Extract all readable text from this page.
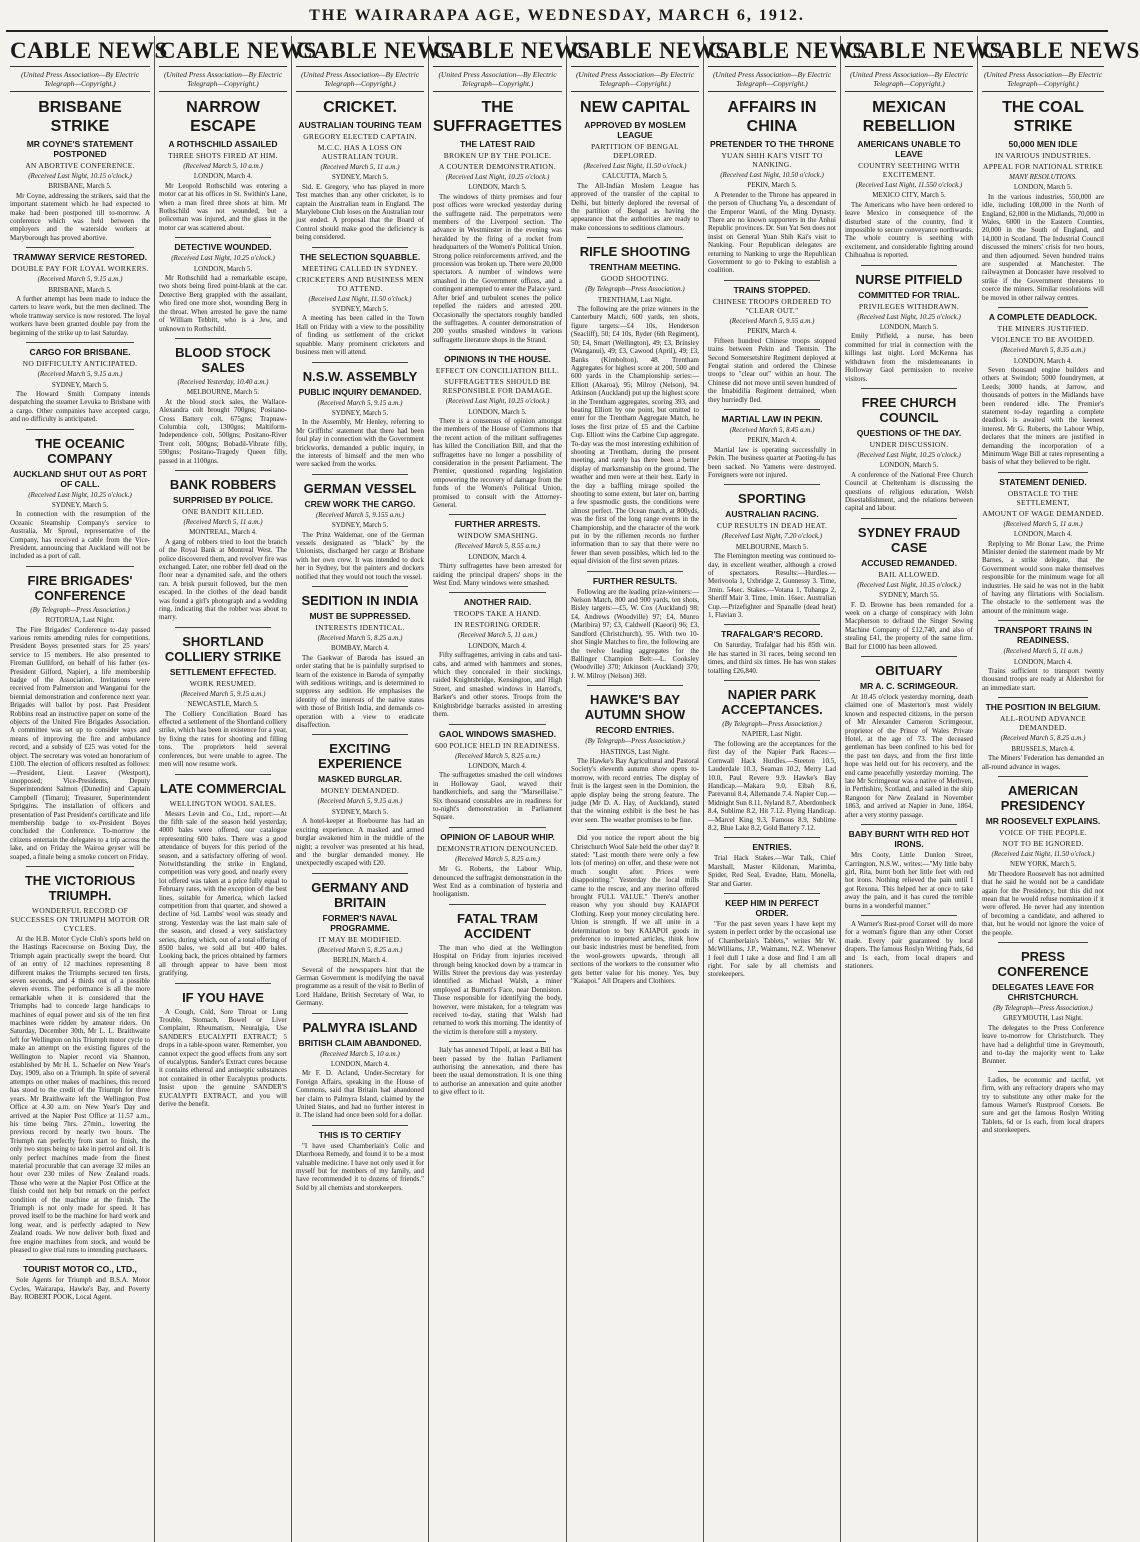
THE WAIRARAPA AGE, WEDNESDAY, MARCH 6, 1912.
CABLE NEWS
(United Press Association—By Electric Telegraph—Copyright.)
BRISBANE STRIKE
MR COYNE'S STATEMENT POSTPONED
AN ABORTIVE CONFERENCE.
(Received Last Night, 10.15 o'clock.)
BRISBANE, March 5.

Mr Coyne, addressing the strikers, said that the important statement which he had expected to make had been postponed till to-morrow. A conference which was held between the employers and the waterside workers at Maryborough has proved abortive.

TRAMWAY SERVICE RESTORED.
DOUBLE PAY FOR LOYAL WORKERS.
(Received March 5, 9.15 a.m.)
BRISBANE, March 5.

A further attempt has been made to induce the carters to leave work, but the men declined. The whole tramway service is now restored. The loyal workers have been granted double pay from the beginning of the strike up to last Saturday.

CARGO FOR BRISBANE.
NO DIFFICULTY ANTICIPATED.
(Received March 5, 9.15 a.m.)
SYDNEY, March 5.

The Howard Smith Company intends despatching the steamer Levuka to Brisbane with a cargo. Other companies have accepted cargo, and no difficulty is anticipated.

THE OCEANIC COMPANY
AUCKLAND SHUT OUT AS PORT OF CALL.
(Received Last Night, 10.25 o'clock.)
SYDNEY, March 5.

In connection with the resumption of the Oceanic Steamship Company's service to Australia, Mr Sproul, representative of the Company, has received a cable from the Vice-President, announcing that Auckland will not be included as a port of call.

FIRE BRIGADES' CONFERENCE
(By Telegraph—Press Association.)
ROTORUA, Last Night.

The Fire Brigades' Conference to-day passed various remits amending rules for competitions. President Boyes presented stars for 25 years' service to 15 members. He also presented to Fireman Gulliford, on behalf of his father (ex-President Gilford, Napier), a life membership badge of the Association. Invitations were received from Palmerston and Wanganui for the biennial demonstration and conference next year. Brigades will ballot by post. Past President Robbins read an instructive paper on some of the objects of the United Fire Brigades Association. A committee was set up to consider ways and means of improving the fire and ambulance record, and a subsidy of £25 was voted for the object. The secretary was voted an honorarium of £100. The election of officers resulted as follows:—President, Lieut. Leaver (Westport), unopposed; Vice-Presidents, Deputy Superintendent Salmon (Dunedin) and Captain Campbell (Timaru); Treasurer, Superintendent Spriggins. The installation of officers and presentation of Past President's certificate and life membership badge to ex-President Boyes concluded the Conference. To-morrow the citizens entertain the delegates to a trip across the lake, and on Friday the Wairoa geyser will be soaped, a finale being a smoke concert on Friday.

THE VICTORIOUS TRIUMPH.
WONDERFUL RECORD OF SUCCESSES ON TRIUMPH MOTOR OR CYCLES.

At the H.B. Motor Cycle Club's sports held on the Hastings Racecourse on Boxing Day, the Triumph again practically swept the board. Out of an entry of 12 machines representing 8 different makes the Triumphs secured ten firsts, seven seconds, and 4 thirds out of a possible eleven events. The performance is all the more remarkable when it is considered that the Triumphs had to concede large handicaps to machines of equal power and six of the ten first machines were ridden by amateur riders. On Saturday, December 30th, Mr L. L. Braithwaite left for Wellington on his Triumph motor cycle to make an attempt on the existing figures of the Wellington to Napier record via Shannon, established by Mr H. L. Schaefer on New Year's Day, 1909, also on a Triumph. In spite of several attempts on other makes of machines, this record has stood to the credit of the Triumph for three years. Mr Braithwaite left the Wellington Post Office at 4.30 a.m. on New Year's Day and arrived at the Napier Post Office at 11.57 a.m., his time being 7hrs. 27min., lowering the previous record by nearly two hours. The Triumph ran perfectly from start to finish, the only two stops being to take in petrol and oil. It is only perfect machines made from the finest material procurable that can average 32 miles an hour over 230 miles of New Zealand roads. Those who were at the Napier Post Office at the finish could not help but remark on the perfect condition of the machine at the finish. The Triumph is not only made for speed. It has proved itself to be the machine for hard work and long wear, and is perfectly adapted to New Zealand roads. We now deliver both fixed and free engine machines from stock, and would be pleased to give trial runs to intending purchasers.

TOURIST MOTOR CO., LTD.,

Sole Agents for Triumph and B.S.A. Motor Cycles, Wairarapa, Hawke's Bay, and Poverty Bay. ROBERT POOK, Local Agent.

CABLE NEWS
(United Press Association—By Electric Telegraph—Copyright.)
NARROW ESCAPE
A ROTHSCHILD ASSAILED
THREE SHOTS FIRED AT HIM.
(Received March 5, 10 a.m.)
LONDON, March 4.

Mr Leopold Rothschild was entering a motor car at his offices in St. Swithin's Lane, when a man fired three shots at him. Mr Rothschild was not wounded, but a policeman was injured, and the glass in the motor car was scattered about.

DETECTIVE WOUNDED.
(Received Last Night, 10.25 o'clock.)
LONDON, March 5.

Mr Rothschild had a remarkable escape, two shots being fired point-blank at the car. Detective Berg grappled with the assailant, who fired one more shot, wounding Berg in the throat. When arrested he gave the name of William Tebbitt, who is a Jew, and unknown to Rothschild.

BLOOD STOCK SALES
(Received Yesterday, 10.40 a.m.)
MELBOURNE, March 5.

At the blood stock sales, the Wallace-Alexandra colt brought 700gns; Positano-Cross Battery colt, 675gns; Trapnaw-Columbia colt, 1300gns; Maltiform-Independence colt, 500gns; Positano-River Trent colt, 500gns; Bobadil-Vibrate filly, 590gns; Positano-Tragedy Queen filly, passed in at 1100gns.

BANK ROBBERS
SURPRISED BY POLICE.
ONE BANDIT KILLED.
(Received March 5, 11 a.m.)
MONTREAL, March 4.

A gang of robbers tried to loot the branch of the Royal Bank at Montreal West. The police discovered them, and revolver fire was exchanged. Later, one robber fell dead on the floor near a dynamited safe, and the others ran. A brisk pursuit followed, but the men escaped. In the clothes of the dead bandit was found a girl's photograph and a wedding ring, indicating that the robber was about to marry.

SHORTLAND COLLIERY STRIKE
SETTLEMENT EFFECTED.
WORK RESUMED.
(Received March 5, 9.15 a.m.)
NEWCASTLE, March 5.

The Colliery Conciliation Board has effected a settlement of the Shortland colliery strike, which has been in existence for a year, by fixing the rates for shooting and filling tons. The proprietors held several conferences, but were unable to agree. The men will now resume work.

LATE COMMERCIAL
WELLINGTON WOOL SALES.

Messrs Levin and Co., Ltd., report:—At the fifth sale of the season held yesterday, 4000 bales were offered, our catalogue representing 600 bales. There was a good attendance of buyers for this period of the season, and a satisfactory offering of wool. Notwithstanding the strike in England, competition was very good, and nearly every lot offered was taken at a price fully equal to February rates, with the exception of the best lines, suitable for America, which lacked competition from that quarter, and showed a decline of ½d. Lambs' wool was steady and strong. Yesterday was the last main sale of the season, and closed a very satisfactory series, during which, out of a total offering of 8500 bales, we sold all but 400 bales. Looking back, the prices obtained by farmers all through appear to have been most gratifying.

IF YOU HAVE

A Cough, Cold, Sore Throat or Lung Trouble, Stomach, Bowel or Liver Complaint, Rheumatism, Neuralgia, Use SANDER'S EUCALYPTI EXTRACT; 5 drops in a table-spoon water. Remember, you cannot expect the good effects from any sort of eucalyptus. Sander's Extract cures because it contains ethereal and antiseptic substances not contained in other Eucalyptus products. Insist upon the genuine SANDER'S EUCALYPTI EXTRACT, and you will derive the benefit.

CABLE NEWS
(United Press Association—By Electric Telegraph—Copyright.)
CRICKET.
AUSTRALIAN TOURING TEAM
GREGORY ELECTED CAPTAIN.
M.C.C. HAS A LOSS ON AUSTRALIAN TOUR.
(Received March 5, 11 a.m.)
SYDNEY, March 5.

Sid. E. Gregory, who has played in more Test matches than any other cricketer, is to captain the Australian team in England. The Marylebone Club loses on the Australian tour just ended. A proposal that the Board of Control should make good the deficiency is being considered.

THE SELECTION SQUABBLE.
MEETING CALLED IN SYDNEY.
CRICKETERS AND BUSINESS MEN TO ATTEND.
(Received Last Night, 11.50 o'clock.)
SYDNEY, March 5.

A meeting has been called in the Town Hall on Friday with a view to the possibility of finding us settlement of the cricket squabble. Many prominent cricketers and business men will attend.

N.S.W. ASSEMBLY
PUBLIC INQUIRY DEMANDED.
(Received March 5, 9.15 a.m.)
SYDNEY, March 5.

In the Assembly, Mr Henley, referring to Mr Griffiths' statement that there had been foul play in connection with the Government brickworks, demanded a public inquiry, in the interests of himself and the men who were sacked from the works.

GERMAN VESSEL
CREW WORK THE CARGO.
(Received March 5, 9.155 a.m.)
SYDNEY, March 5.

The Prinz Waldemar, one of the German vessels designated as "black" by the Unionists, discharged her cargo at Brisbane with her own crew. It was intended to dock her in Sydney, but the painters and dockers notified that they would not touch the vessel.

SEDITION IN INDIA
MUST BE SUPPRESSED.
INTERESTS IDENTICAL.
(Received March 5, 8.25 a.m.)
BOMBAY, March 4.

The Gaekwar of Baroda has issued an order stating that he is painfully surprised to learn of the existence in Baroda of sympathy with seditious writings, and is determined to suppress any sedition. He emphasises the identity of the interests of the native states with those of British India, and demands co-operation with a view to eradicate disaffection.

EXCITING EXPERIENCE
MASKED BURGLAR.
MONEY DEMANDED.
(Received March 5, 9.15 a.m.)
SYDNEY, March 5.

A hotel-keeper at Roebourne has had an exciting experience. A masked and armed burglar awakened him in the middle of the night; a revolver was presented at his head, and the burglar demanded money. He unexpectedly escaped with £20.

GERMANY AND BRITAIN
FORMER'S NAVAL PROGRAMME.
IT MAY BE MODIFIED.
(Received March 5, 8.25 a.m.)
BERLIN, March 4.

Several of the newspapers hint that the German Government is modifying the naval programme as a result of the visit to Berlin of Lord Haldane, British Secretary of War, to Germany.

PALMYRA ISLAND
BRITISH CLAIM ABANDONED.
(Received March 5, 10 a.m.)
LONDON, March 4.

Mr F. D. Acland, Under-Secretary for Foreign Affairs, speaking in the House of Commons, said that Britain had abandoned her claim to Palmyra Island, claimed by the United States, and had no further interest in it. The island had once been sold for a dollar.

THIS IS TO CERTIFY

"I have used Chamberlain's Colic and Diarrhoea Remedy, and found it to be a most valuable medicine. I have not only used it for myself but for members of my family, and have recommended it to dozens of friends." Sold by all chemists and storekeepers.

CABLE NEWS
(United Press Association—By Electric Telegraph—Copyright.)
THE SUFFRAGETTES
THE LATEST RAID
BROKEN UP BY THE POLICE.
A COUNTER DEMONSTRATION.
(Received Last Night, 10.25 o'clock.)
LONDON, March 5.

The windows of thirty premises and four post offices were wrecked yesterday during the suffragette raid. The perpetrators were members of the Liverpool section. The advance in Westminster in the evening was heralded by the firing of a rocket from headquarters of the Women's Political Union. Strong police reinforcements arrived, and the procession was broken up. There were 20,000 spectators. A number of windows were smashed in the Government offices, and a contingent attempted to enter the Palace yard. After brief and turbulent scenes the police repelled the raiders and arrested 200. Occasionally the spectators roughly handled the suffragettes. A counter demonstration of 200 youths smashed windows in various suffragette literature shops in the Strand.

OPINIONS IN THE HOUSE.
EFFECT ON CONCILIATION BILL.
SUFFRAGETTES SHOULD BE RESPONSIBLE FOR DAMAGE.
(Received Last Night, 10.25 o'clock.)
LONDON, March 5.

There is a consensus of opinion amongst the members of the House of Commons that the recent action of the militant suffragettes has killed the Conciliation Bill, and that the suffragettes have no longer a possibility of consideration in the present Parliament. The Premier, questioned regarding legislation empowering the recovery of damage from the funds of the Women's Political Union, promised to consult with the Attorney-General.

FURTHER ARRESTS.
WINDOW SMASHING.
(Received March 5, 8.55 a.m.)
LONDON, March 4.

Thirty suffragettes have been arrested for raiding the principal drapers' shops in the West End. Many windows were smashed.

ANOTHER RAID.
TROOPS TAKE A HAND.
IN RESTORING ORDER.
(Received March 5, 11 a.m.)
LONDON, March 4.

Fifty suffragettes, arriving in cabs and taxi-cabs, and armed with hammers and stones, which they concealed in their stockings, raided Knightsbridge, Kensington, and High Street, and smashed windows in Harrod's, Barker's and other stores. Troops from the Knightsbridge barracks assisted in arresting them.

GAOL WINDOWS SMASHED.
600 POLICE HELD IN READINESS.
(Received March 5, 8.25 a.m.)
LONDON, March 4.

The suffragettes smashed the cell windows in Holloway Gaol, waved their handkerchiefs, and sang the "Marseillaise." Six thousand constables are in readiness for to-night's demonstration in Parliament Square.

OPINION OF LABOUR WHIP.
DEMONSTRATION DENOUNCED.
(Received March 5, 8.25 a.m.)

Mr G. Roberts, the Labour Whip, denounced the suffragist demonstration in the West End as a combination of hysteria and hooliganism.

FATAL TRAM ACCIDENT

The man who died at the Wellington Hospital on Friday from injuries received through being knocked down by a tramcar in Willis Street the previous day was yesterday identified as Michael Walsh, a miner employed at Burnett's Face, near Denniston. Those responsible for identifying the body, however, were mistaken, for a telegram was received to-day, stating that Walsh had returned to work this morning. The identity of the victim is therefore still a mystery.

Italy has annexed Tripoli, at least a Bill has been passed by the Italian Parliament authorising the annexation, and there has been the usual demonstration. It is one thing to authorise an annexation and quite another to give effect to it.

CABLE NEWS
(United Press Association—By Electric Telegraph—Copyright.)
NEW CAPITAL
APPROVED BY MOSLEM LEAGUE
PARTITION OF BENGAL DEPLORED.
(Received Last Night, 11.50 o'clock.)
CALCUTTA, March 5.

The All-Indian Moslem League has approved of the transfer of the capital to Delhi, but bitterly deplored the reversal of the partition of Bengal as having the appearance that the authorities are ready to make concessions to seditious clamours.

RIFLE SHOOTING
TRENTHAM MEETING.
GOOD SHOOTING.
(By Telegraph—Press Association.)
TRENTHAM, Last Night.

The following are the prize winners in the Canterbury Match, 600 yards, ten shots, figure targets:—£4 10s, Henderson (Seacliff), 50; £4 10s, Ryder (6th Regiment), 50; £4, Smart (Wellington), 49; £3, Brinsley (Wanganui), 49; £3, Cawood (April), 49; £3, Banks (Kimbolton), 48. Trentham Aggregates for highest score at 200, 500 and 600 yards in the Championship series:—Elliott (Akaroa), 95; Milroy (Nelson), 94. Atkinson (Auckland) put up the highest score in the Trentham aggregates, scoring 393, and beating Elliott by one point, but omitted to enter for the Trentham Aggregate Match, he loses the first prize of £5 and the Carbine Cup. Elliott wins the Carbine Cup aggregate. To-day was the most interesting exhibition of shooting at Trentham, during the present meeting, and rarely has there been a better display of marksmanship on the ground. The weather and men were at their best. Early in the day a baffling mirage spoiled the shooting to some extent, but later on, barring a few spasmodic gusts, the conditions were almost perfect. The Ocean match, at 800yds, was the first of the long range events in the Championship, and the character of the work put in by the riflemen records no further information than to say that there were no fewer than seven possibles, which led to the equal division of the first seven prizes.

FURTHER RESULTS.

Following are the leading prize-winners:—Nelson Match, 800 and 900 yards, ten shots, Bisley targets:—£5, W. Cox (Auckland) 98; £4, Andrews (Woodville) 97; £4, Munro (Maribira) 97; £3, Caldwell (Kaeori) 96; £3, Sandford (Christchurch), 95. With two 10-shot Single Matches to fire, the following are the twelve leading aggregates for the Ballinger Champion Belt:—L. Cooksley (Woodville) 370; Atkinson (Auckland) 370; J. W. Milroy (Nelson) 369.

HAWKE'S BAY AUTUMN SHOW
RECORD ENTRIES.
(By Telegraph—Press Association.)
HASTINGS, Last Night.

The Hawke's Bay Agricultural and Pastoral Society's eleventh autumn show opens to-morrow, with record entries. The display of fruit is the largest seen in the Dominion, the apple display being the strong feature. The judge (Mr D. A. Hay, of Auckland), stated that the winning exhibit is the best he has ever seen. The weather promises to be fine.

Did you notice the report about the big Christchurch Wool Sale held the other day? It stated: "Last month there were only a few lots (of merino) on offer, and these were not much sought after. Prices were disappointing." Yesterday the local mills came to the rescue, and any merino offered brought FULL VALUE." There's another reason why you should buy KAIAPOI Clothing. Keep your money circulating here. Union is strength. If we all unite in a determination to buy KAIAPOI goods in preference to imported articles, think how our basic industries must be benefited, from the wool-growers upwards, through all sections of the workers to the consumer who gets better value for his money. Yes, buy "Kaiapoi." All Drapers and Clothiers.

CABLE NEWS
(United Press Association—By Electric Telegraph—Copyright.)
AFFAIRS IN CHINA
PRETENDER TO THE THRONE
YUAN SHIH KAI'S VISIT TO NANKING.
(Received Last Night, 10.50 o'clock.)
PEKIN, March 5.

A Pretender to the Throne has appeared in the person of Chuchang Yu, a descendant of the Emperor Wanti, of the Ming Dynasty. There are no known supporters in the Anhui Republic provinces. Dr. Sun Yat Sen does not insist on General Yuan Shih Kai's visit to Nanking. Four Republican delegates are returning to Nanking to urge the Republican Government to go to Peking to establish a coalition.

TRAINS STOPPED.
CHINESE TROOPS ORDERED TO "CLEAR OUT."
(Received March 5, 9.55 a.m.)
PEKIN, March 4.

Fifteen hundred Chinese troops stopped trains between Pekin and Tientsin. The Second Somersetshire Regiment deployed at Fengtai station and ordered the Chinese troops to "clear out" within an hour. The Chinese did not move until seven hundred of the Imabidilia Regiment detrained, when they hurriedly fled.

MARTIAL LAW IN PEKIN.
(Received March 5, 8.45 a.m.)
PEKIN, March 4.

Martial law is operating successfully in Pekin. The business quarter at Paoting-fu has been sacked. No Yamens were destroyed. Foreigners were not injured.

SPORTING
AUSTRALIAN RACING.
CUP RESULTS IN DEAD HEAT.
(Received Last Night, 7.20 o'clock.)
MELBOURNE, March 5.

The Flemington meeting was continued to-day, in excellent weather, although a crowd of spectators. Results:—Hurdles.—Merivoola 1, Uxbridge 2, Gunnessy 3. Time, 3min. 54sec. Stakes.—Votana 1, Tuhanga 2, Sheriff Mair 3. Time, 1min. 16sec. Australian Cup.—Prizefighter and Spanalle (dead heat) 1, Flavian 3.

TRAFALGAR'S RECORD.

On Saturday, Trafalgar had his 85th win. He has started in 31 races, being second ten times, and third six times. He has won stakes totalling £26,840.

NAPIER PARK ACCEPTANCES.
(By Telegraph—Press Association.)
NAPIER, Last Night.

The following are the acceptances for the first day of the Napier Park Races:—Cornwall Hack Hurdles.—Steeton 10.5, Lauderdale 10.3, Seaman 10.2, Merry Lad 10.0, Paul Revere 9.9. Hawke's Bay Handicap.—Makara 9.0, Eibah 8.6, Parevanui 8.4, Allemande 7.4. Napier Cup.—Midnight Sun 8.11, Nyland 8.7, Aberdonbeck 8.4, Sublime 8.2, Hit 7.12. Flying Handicap.—Marcel King 9.3, Famous 8.9, Sublime 8.2, Blue Lake 8.2, Gold Battery 7.12.

ENTRIES.

Trial Hack Stakes.—War Talk, Chief Marshall, Master Kildonan, Marimba, Spider, Red Seal, Evadne, Hatu, Monella, Star and Garter.

KEEP HIM IN PERFECT ORDER.

"For the past seven years I have kept my system in perfect order by the occasional use of Chamberlain's Tablets," writes Mr W. McWilliams, J.P., Waimanu, N.Z. Whenever I feel dull I take a dose and find I am all right. For sale by all chemists and storekeepers.

CABLE NEWS
(United Press Association—By Electric Telegraph—Copyright.)
MEXICAN REBELLION
AMERICANS UNABLE TO LEAVE
COUNTRY SEETHING WITH EXCITEMENT.
(Received Last Night, 11.550 o'clock.)
MEXICO CITY, March 5.

The Americans who have been ordered to leave Mexico in consequence of the disturbed state of the country, find it impossible to secure conveyance northwards. The whole country is seething with excitement, and considerable fighting around Chihuahua is reported.

NURSE PITFIELD
COMMITTED FOR TRIAL.
PRIVILEGES WITHDRAWN.
(Received Last Night, 10.25 o'clock.)
LONDON, March 5.

Emily Pitfield, a nurse, has been committed for trial in connection with the killings last night. Lord McKenna has withdrawn from the misdemeanants in Holloway Gaol permission to receive visitors.

FREE CHURCH COUNCIL
QUESTIONS OF THE DAY.
UNDER DISCUSSION.
(Received Last Night, 10.25 o'clock.)
LONDON, March 5.

A conference of the National Free Church Council at Cheltenham is discussing the questions of religious education, Welsh Disestablishment, and the relations between capital and labour.

SYDNEY FRAUD CASE
ACCUSED REMANDED.
BAIL ALLOWED.
(Received Last Night, 10.35 o'clock.)
SYDNEY, March 55.

F. D. Browne has been remanded for a week on a charge of conspiracy with John Macpherson to defraud the Singer Sewing Machine Company of £12,740, and also of stealing £41, the property of the same firm. Bail for £1000 has been allowed.

OBITUARY
MR A. C. SCRIMGEOUR.

At 10.45 o'clock yesterday morning, death claimed one of Masterton's most widely known and respected citizens, in the person of Mr Alexander Cameron Scrimgeour, proprietor of the Prince of Wales Private Hotel, at the age of 73. The deceased gentleman has been confined to his bed for the past ten days, and from the first little hope was held out for his recovery, and the end came peacefully yesterday morning. The late Mr Scrimgeour was a native of Methven, in Perthshire, Scotland, and sailed in the ship Rangoon for New Zealand in November 1863, and arrived at Napier in June, 1864, after a very stormy passage.

BABY BURNT WITH RED HOT IRONS.

Mrs Cooty, Little Dunlon Street, Carrington, N.S.W., writes:—"My little baby girl, Rita, burnt both her little feet with red hot irons. Nothing relieved the pain until I got Rexona. This helped her at once to take away the pain, and it has cured the terrible burns in a wonderful manner."

A Warner's Rust-proof Corset will do more for a woman's figure than any other Corset made. Every pair guaranteed by local drapers. The famous Roslyn Writing Pads, 6d and 1s each, from local drapers and stationers.

CABLE NEWS
(United Press Association—By Electric Telegraph—Copyright.)
THE COAL STRIKE
50,000 MEN IDLE
IN VARIOUS INDUSTRIES.
APPEAL FOR NATIONAL STRIKE
MANY RESOLUTIONS.
LONDON, March 5.

In the various industries, 550,000 are idle, including 108,000 in the North of England, 62,000 in the Midlands, 70,000 in Wales, 6000 in the Eastern Counties, 20,000 in the South of England, and 14,000 in Scotland. The Industrial Council discussed the miners' crisis for two hours, and then adjourned. Seven hundred trains are suspended at Manchester. The railwaymen at Doncaster have resolved to strike if the Government threatens to coerce the miners. Similar resolutions will be moved in other railway centres.

A COMPLETE DEADLOCK.
THE MINERS JUSTIFIED.
VIOLENCE TO BE AVOIDED.
(Received March 5, 8.35 a.m.)
LONDON, March 4.

Seven thousand engine builders and others at Swindon; 5000 foundrymen, at Leeds; 3000 hands, at Jarrow, and thousands of potters in the Midlands have been rendered idle. The Premier's statement to-day regarding a complete deadlock is awaited with the keenest interest. Mr G. Roberts, the Labour Whip, declares that the miners are justified in demanding the incorporation of a Minimum Wage Bill at rates representing a basis of what they believed to be right.

STATEMENT DENIED.
OBSTACLE TO THE SETTLEMENT,
AMOUNT OF WAGE DEMANDED.
(Received March 5, 11 a.m.)
LONDON, March 4.

Replying to Mr Bonar Law, the Prime Minister denied the statement made by Mr Barnes, a strike delegate, that the Government would soon make themselves responsible for the minimum wage for all industries. He said he was not in the habit of having any flirtations with Socialism. The obstacle to the settlement was the amount of the minimum wage.

TRANSPORT TRAINS IN READINESS.
(Received March 5, 11 a.m.)
LONDON, March 4.

Trains sufficient to transport twenty thousand troops are ready at Aldershot for an immediate start.

THE POSITION IN BELGIUM.
ALL-ROUND ADVANCE DEMANDED.
(Received March 5, 8.25 a.m.)
BRUSSELS, March 4.

The Miners' Federation has demanded an all-round advance in wages.

AMERICAN PRESIDENCY
MR ROOSEVELT EXPLAINS.
VOICE OF THE PEOPLE.
NOT TO BE IGNORED.
(Received Last Night, 11.50 o'clock.)
NEW YORK, March 5.

Mr Theodore Roosevelt has not admitted that he said he would not be a candidate again for the Presidency, but this did not mean that he would refuse nomination if it were offered. He never had any intention of becoming a candidate, and adhered to that, but he would not ignore the voice of the people.

PRESS CONFERENCE
DELEGATES LEAVE FOR CHRISTCHURCH.
(By Telegraph—Press Association.)
GREYMOUTH, Last Night.

The delegates to the Press Conference leave to-morrow for Christchurch. They have had a delightful time in Greymouth, and to-day the majority went to Lake Brunner.

Ladies, be economic and tactful, yet firm, with any refractory drapers who may try to substitute any other make for the famous Warner's Rustproof Corsets. Be sure and get the famous Roslyn Writing Tablets, 6d or 1s each, from local drapers and storekeepers.
